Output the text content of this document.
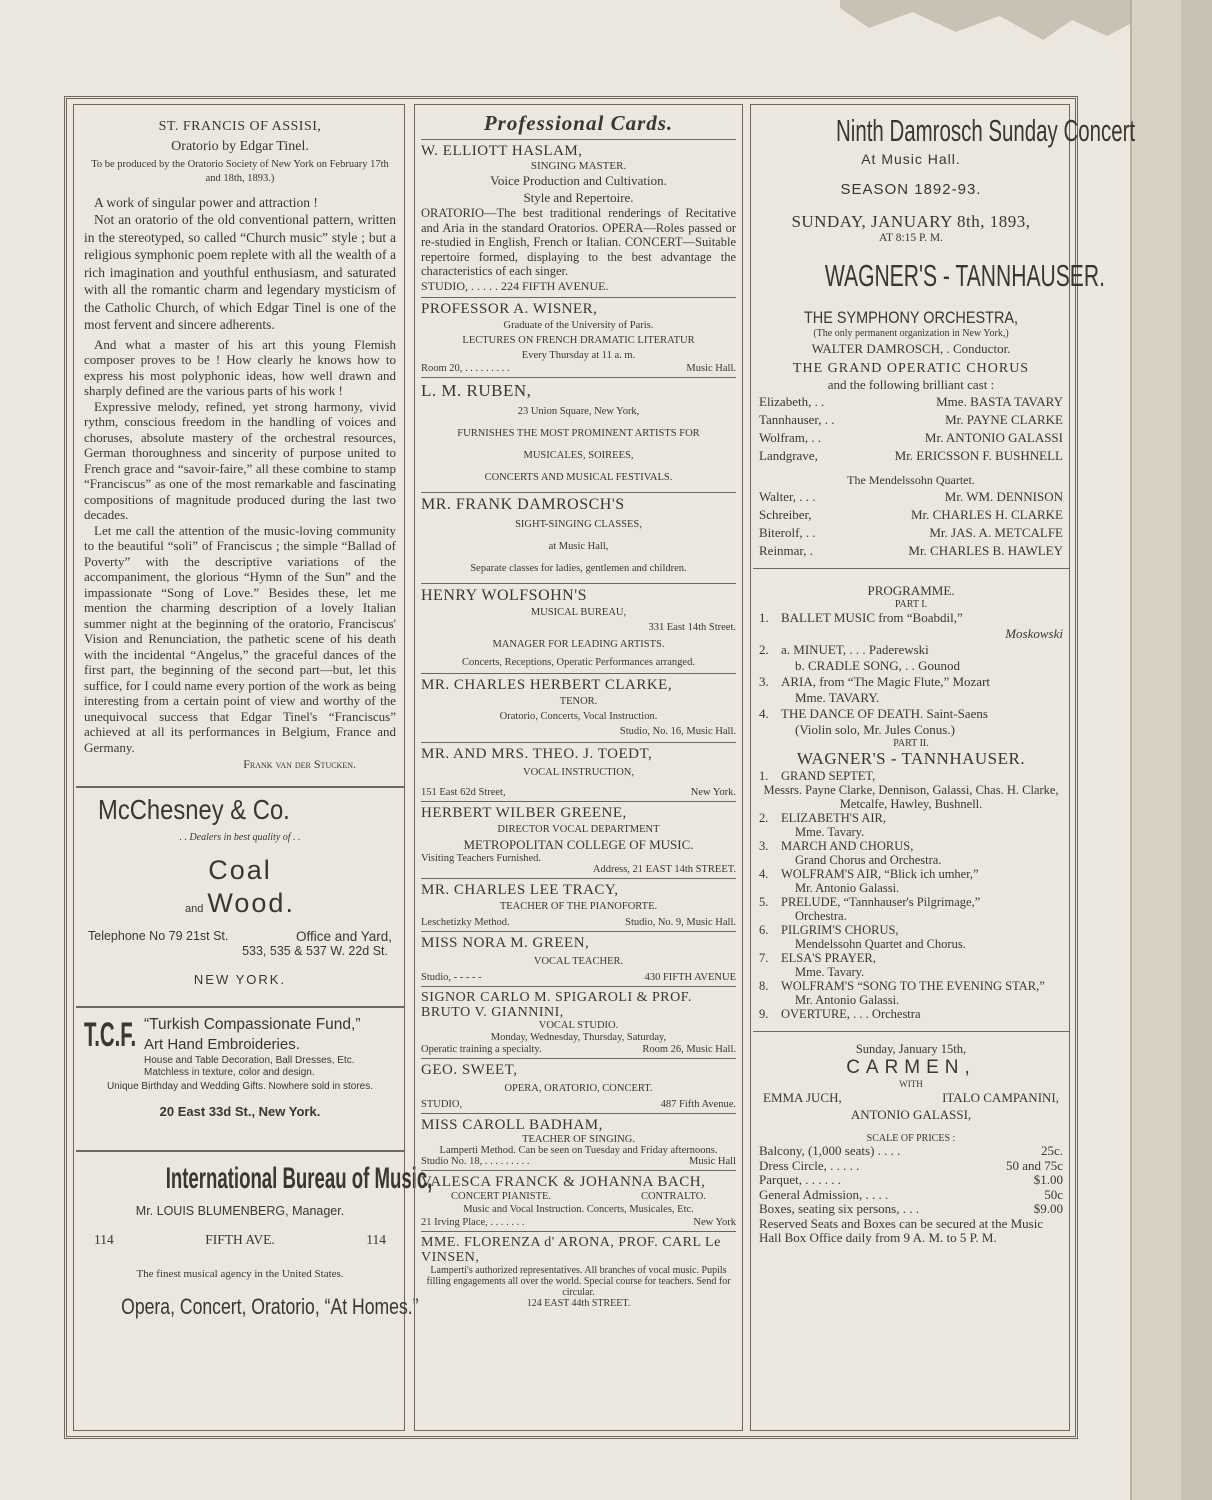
ST. FRANCIS OF ASSISI,

Oratorio by Edgar Tinel.

To be produced by the Oratorio Society of New York on February 17th and 18th, 1893.)

A work of singular power and attraction !

Not an oratorio of the old conventional pattern, written in the stereotyped, so called “Church music” style ; but a religious symphonic poem replete with all the wealth of a rich imagination and youthful enthusiasm, and saturated with all the romantic charm and legendary mysticism of the Catholic Church, of which Edgar Tinel is one of the most fervent and sincere adherents.

And what a master of his art this young Flemish composer proves to be ! How clearly he knows how to express his most polyphonic ideas, how well drawn and sharply defined are the various parts of his work !

Expressive melody, refined, yet strong harmony, vivid rythm, conscious freedom in the handling of voices and choruses, absolute mastery of the orchestral resources, German thoroughness and sincerity of purpose united to French grace and “savoir-faire,” all these combine to stamp “Franciscus” as one of the most remarkable and fascinating compositions of magnitude produced during the last two decades.

Let me call the attention of the music-loving community to the beautiful “soli” of Franciscus ; the simple “Ballad of Poverty” with the descriptive variations of the accompaniment, the glorious “Hymn of the Sun” and the impassionate “Song of Love.” Besides these, let me mention the charming description of a lovely Italian summer night at the beginning of the oratorio, Franciscus' Vision and Renunciation, the pathetic scene of his death with the incidental “Angelus,” the graceful dances of the first part, the beginning of the second part—but, let this suffice, for I could name every portion of the work as being interesting from a certain point of view and worthy of the unequivocal success that Edgar Tinel's “Franciscus” achieved at all its performances in Belgium, France and Germany.

Frank van der Stucken.

McChesney & Co.

. . Dealers in best quality of . .

Coal

and Wood.

Telephone No 79 21st St.	Office and Yard,

533, 535 & 537 W. 22d St.

NEW YORK.

T.C.F. “Turkish Compassionate Fund,”

Art Hand Embroideries.

House and Table Decoration, Ball Dresses, Etc. Matchless in texture, color and design.

Unique Birthday and Wedding Gifts. Nowhere sold in stores.

20 East 33d St., New York.

International Bureau of Music,

Mr. LOUIS BLUMENBERG, Manager.

114	FIFTH AVE.	114

The finest musical agency in the United States.

Opera, Concert, Oratorio, “At Homes.”

Professional Cards.

W. ELLIOTT HASLAM,

SINGING MASTER.

Voice Production and Cultivation.

Style and Repertoire.

ORATORIO—The best traditional renderings of Recitative and Aria in the standard Oratorios. OPERA—Roles passed or re-studied in English, French or Italian. CONCERT—Suitable repertoire formed, displaying to the best advantage the characteristics of each singer.

STUDIO, . . . . . 224 FIFTH AVENUE.

PROFESSOR A. WISNER,

Graduate of the University of Paris.

LECTURES ON FRENCH DRAMATIC LITERATUR

Every Thursday at 11 a. m.

Room 20, . . . . . . . . .	Music Hall.

L. M. RUBEN,

23 Union Square, New York,

FURNISHES THE MOST PROMINENT ARTISTS FOR

MUSICALES, SOIREES,

CONCERTS AND MUSICAL FESTIVALS.

MR. FRANK DAMROSCH'S

SIGHT-SINGING CLASSES,

at Music Hall,

Separate classes for ladies, gentlemen and children.

HENRY WOLFSOHN'S

MUSICAL BUREAU,

331 East 14th Street.

MANAGER FOR LEADING ARTISTS.

Concerts, Receptions, Operatic Performances arranged.

MR. CHARLES HERBERT CLARKE,

TENOR.

Oratorio, Concerts, Vocal Instruction.

Studio, No. 16, Music Hall.

MR. AND MRS. THEO. J. TOEDT,

VOCAL INSTRUCTION,

151 East 62d Street,	New York.

HERBERT WILBER GREENE,

DIRECTOR VOCAL DEPARTMENT

METROPOLITAN COLLEGE OF MUSIC.

Visiting Teachers Furnished.

Address, 21 EAST 14th STREET.

MR. CHARLES LEE TRACY,

TEACHER OF THE PIANOFORTE.

Leschetizky Method.	Studio, No. 9, Music Hall.

MISS NORA M. GREEN,

VOCAL TEACHER.

Studio, - - - - -	430 FIFTH AVENUE

SIGNOR CARLO M. SPIGAROLI & PROF. BRUTO V. GIANNINI,

VOCAL STUDIO.

Monday, Wednesday, Thursday, Saturday,

Operatic training a specialty.	Room 26, Music Hall.

GEO. SWEET,

OPERA, ORATORIO, CONCERT.

STUDIO,	487 Fifth Avenue.

MISS CAROLL BADHAM,

TEACHER OF SINGING.

Lamperti Method. Can be seen on Tuesday and Friday afternoons.

Studio No. 18, . . . . . . . . .	Music Hall

VALESCA FRANCK & JOHANNA BACH,

CONCERT PIANISTE.	CONTRALTO.

Music and Vocal Instruction. Concerts, Musicales, Etc.

21 Irving Place, . . . . . . .	New York

MME. FLORENZA d' ARONA, PROF. CARL Le VINSEN,

Lamperti's authorized representatives. All branches of vocal music. Pupils filling engagements all over the world. Special course for teachers. Send for circular.

124 EAST 44th STREET.

Ninth Damrosch Sunday Concert

At Music Hall.

SEASON 1892-93.

SUNDAY, JANUARY 8th, 1893,

AT 8:15 P. M.

WAGNER'S - TANNHAUSER.

THE SYMPHONY ORCHESTRA,

(The only permanent organization in New York,)

WALTER DAMROSCH, . Conductor.

THE GRAND OPERATIC CHORUS

and the following brilliant cast :

Elizabeth, . .	Mme. BASTA TAVARY
Tannhauser, . .	Mr. PAYNE CLARKE
Wolfram, . .	Mr. ANTONIO GALASSI
Landgrave,	Mr. ERICSSON F. BUSHNELL

The Mendelssohn Quartet.

Walter, . . .	Mr. WM. DENNISON
Schreiber,	Mr. CHARLES H. CLARKE
Biterolf, . .	Mr. JAS. A. METCALFE
Reinmar, .	Mr. CHARLES B. HAWLEY

PROGRAMME.

PART I.

1. BALLET MUSIC from “Boabdil,”

Moskowski

2. a. MINUET, . . . Paderewski

b. CRADLE SONG, . . Gounod

3. ARIA, from “The Magic Flute,” Mozart

Mme. TAVARY.

4. THE DANCE OF DEATH. Saint-Saens

(Violin solo, Mr. Jules Conus.)

PART II.

WAGNER'S - TANNHAUSER.

1. GRAND SEPTET,

Messrs. Payne Clarke, Dennison, Galassi, Chas. H. Clarke, Metcalfe, Hawley, Bushnell.

2. ELIZABETH'S AIR,

Mme. Tavary.

3. MARCH AND CHORUS,

Grand Chorus and Orchestra.

4. WOLFRAM'S AIR, “Blick ich umher,”

Mr. Antonio Galassi.

5. PRELUDE, “Tannhauser's Pilgrimage,”

Orchestra.

6. PILGRIM'S CHORUS,

Mendelssohn Quartet and Chorus.

7. ELSA'S PRAYER,

Mme. Tavary.

8. WOLFRAM'S “SONG TO THE EVENING STAR,”

Mr. Antonio Galassi.

9. OVERTURE, . . . Orchestra

Sunday, January 15th,

CARMEN,

WITH

EMMA JUCH,	ITALO CAMPANINI,

ANTONIO GALASSI,

SCALE OF PRICES :

Balcony, (1,000 seats) . . . .	25c.
Dress Circle, . . . . .	50 and 75c
Parquet, . . . . . .	$1.00
General Admission, . . . .	50c
Boxes, seating six persons, . . .	$9.00

Reserved Seats and Boxes can be secured at the Music Hall Box Office daily from 9 A. M. to 5 P. M.
